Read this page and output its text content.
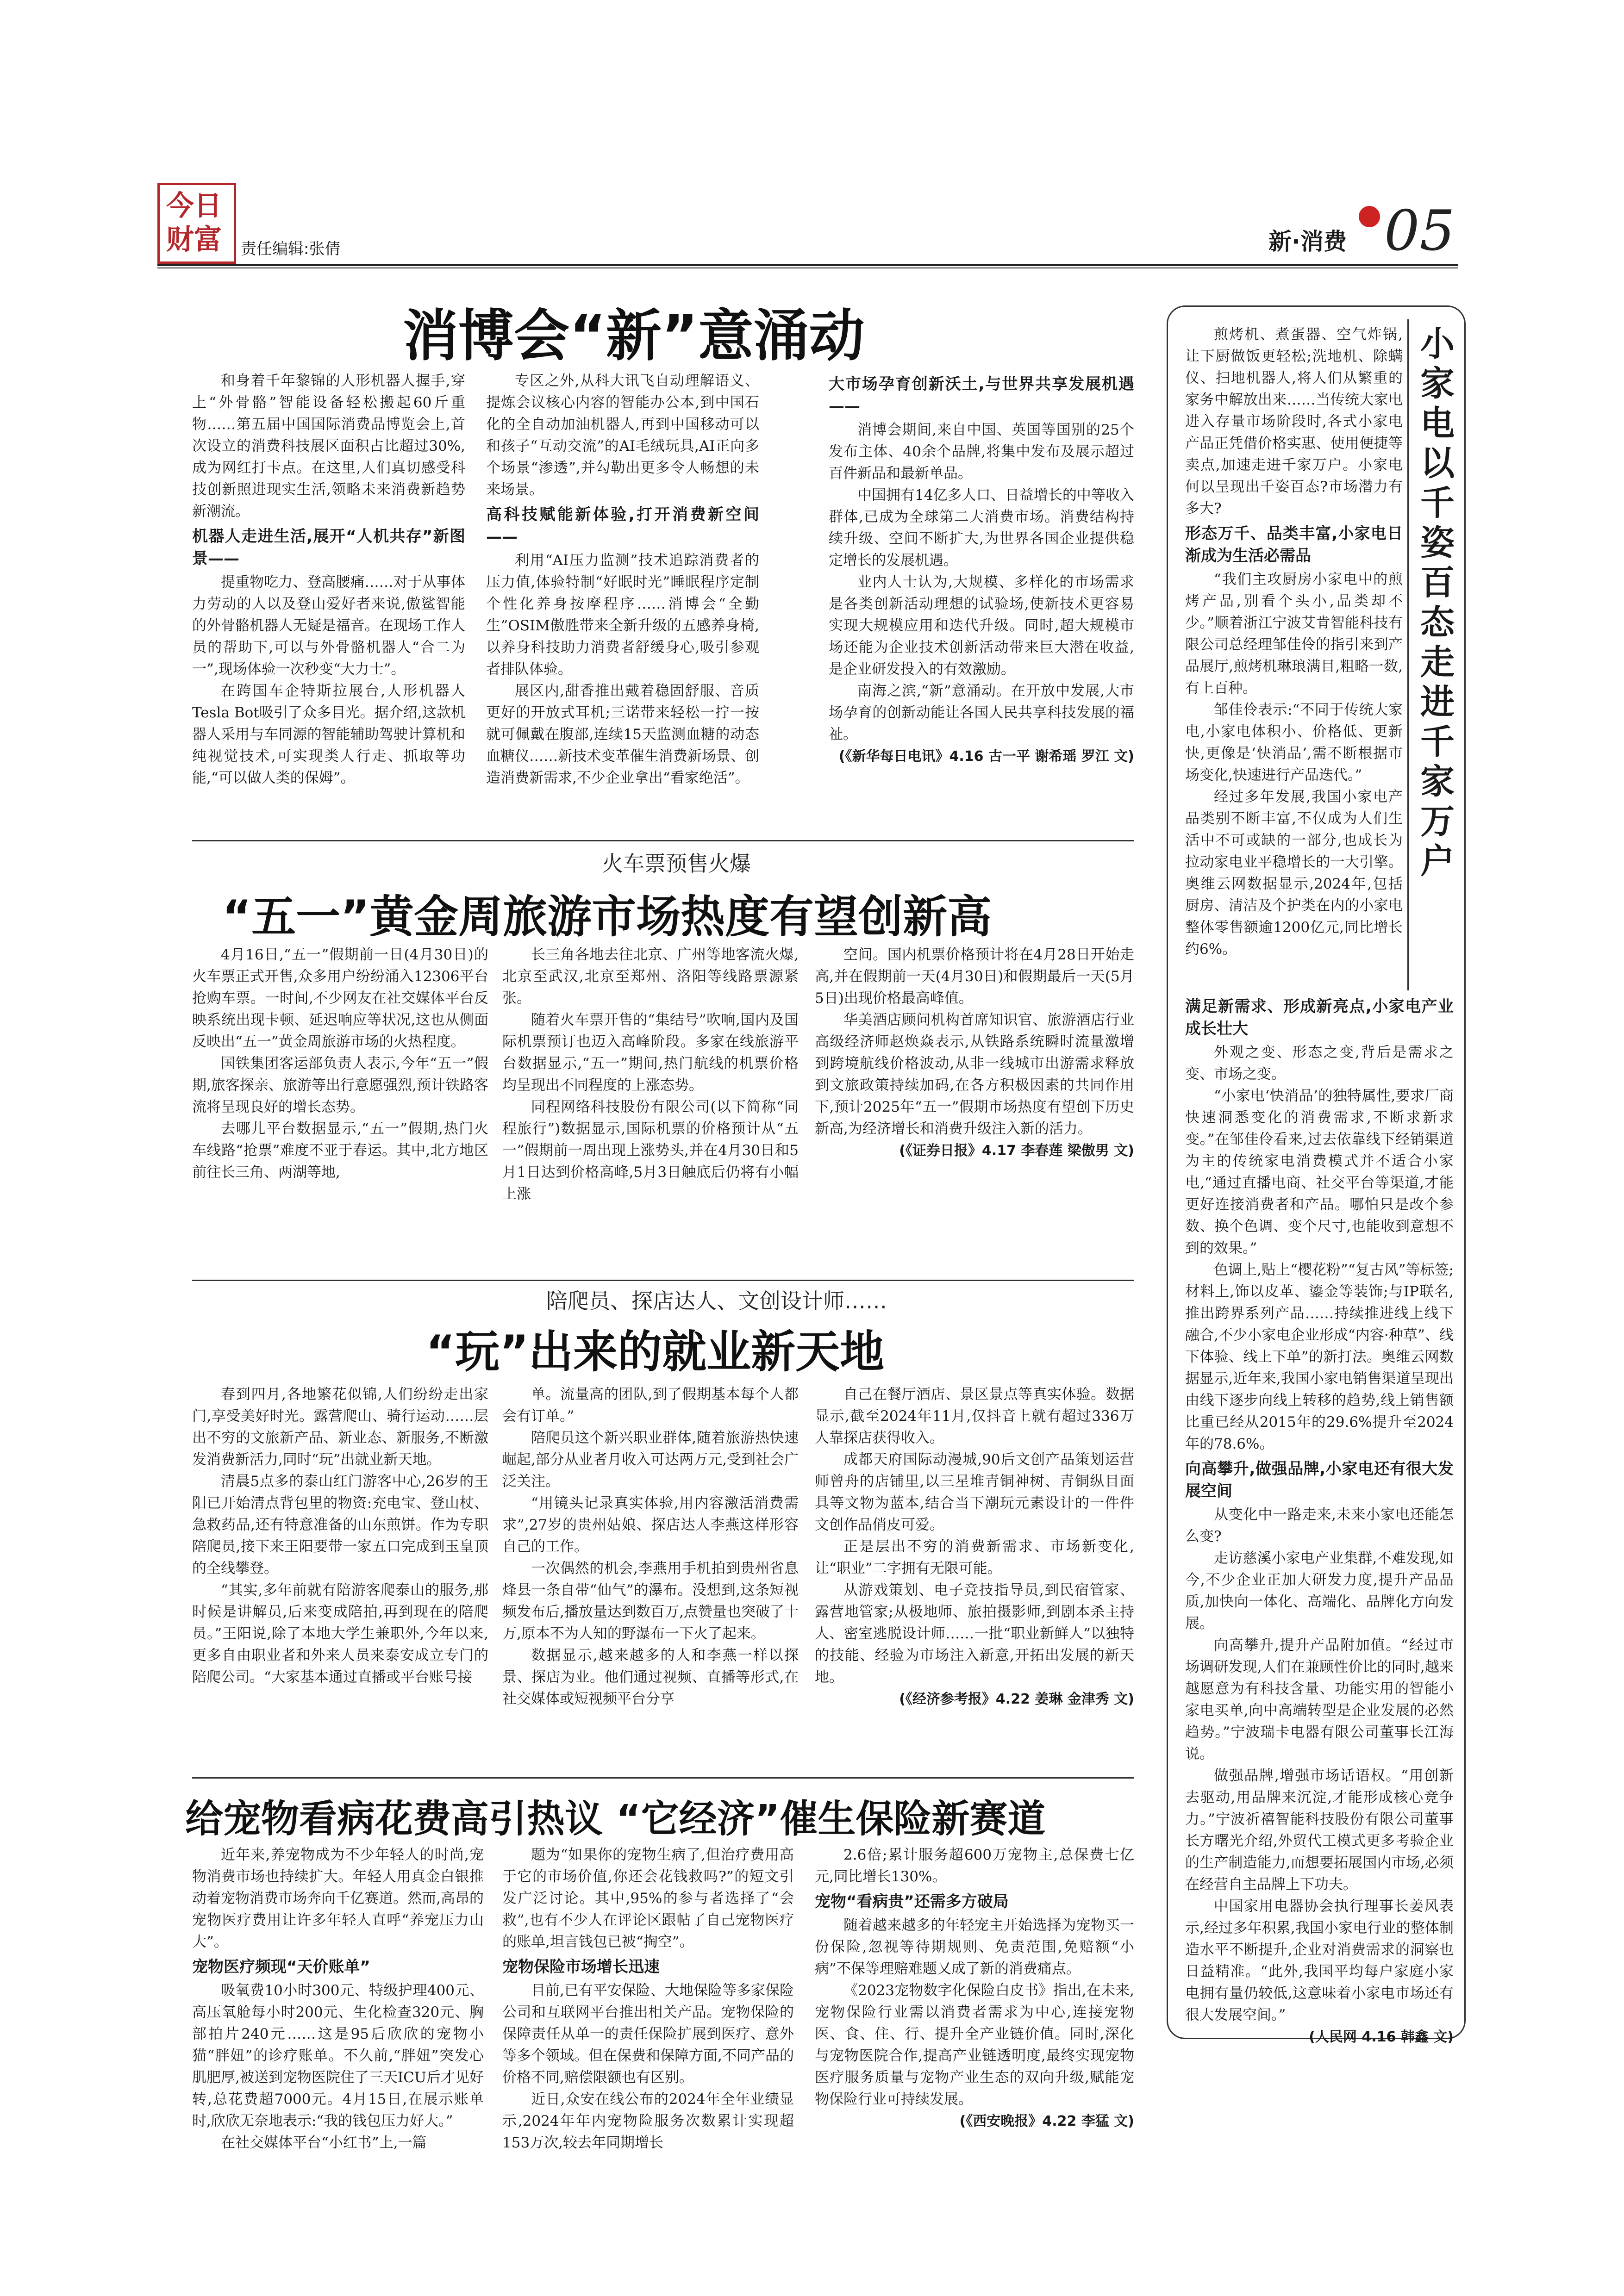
今日
财富 责任编辑:张倩	新·消费 05
消博会“新”意涌动

和身着千年黎锦的人形机器人握手,穿上“外骨骼”智能设备轻松搬起60斤重物……第五届中国国际消费品博览会上,首次设立的消费科技展区面积占比超过30%,成为网红打卡点。在这里,人们真切感受科技创新照进现实生活,领略未来消费新趋势新潮流。

机器人走进生活,展开“人机共存”新图景——

提重物吃力、登高腰痛……对于从事体力劳动的人以及登山爱好者来说,傲鲨智能的外骨骼机器人无疑是福音。在现场工作人员的帮助下,可以与外骨骼机器人“合二为一”,现场体验一次秒变“大力士”。

在跨国车企特斯拉展台,人形机器人Tesla Bot吸引了众多目光。据介绍,这款机器人采用与车同源的智能辅助驾驶计算机和纯视觉技术,可实现类人行走、抓取等功能,“可以做人类的保姆”。

专区之外,从科大讯飞自动理解语义、提炼会议核心内容的智能办公本,到中国石化的全自动加油机器人,再到中国移动可以和孩子“互动交流”的AI毛绒玩具,AI正向多个场景“渗透”,并勾勒出更多令人畅想的未来场景。

高科技赋能新体验,打开消费新空间——

利用“AI压力监测”技术追踪消费者的压力值,体验特制“好眠时光”睡眠程序定制个性化养身按摩程序……消博会“全勤生”OSIM傲胜带来全新升级的五感养身椅,以养身科技助力消费者舒缓身心,吸引参观者排队体验。

展区内,甜香推出戴着稳固舒服、音质更好的开放式耳机;三诺带来轻松一拧一按就可佩戴在腹部,连续15天监测血糖的动态血糖仪……新技术变革催生消费新场景、创造消费新需求,不少企业拿出“看家绝活”。

大市场孕育创新沃土,与世界共享发展机遇——

消博会期间,来自中国、英国等国别的25个发布主体、40余个品牌,将集中发布及展示超过百件新品和最新单品。

中国拥有14亿多人口、日益增长的中等收入群体,已成为全球第二大消费市场。消费结构持续升级、空间不断扩大,为世界各国企业提供稳定增长的发展机遇。

业内人士认为,大规模、多样化的市场需求是各类创新活动理想的试验场,使新技术更容易实现大规模应用和迭代升级。同时,超大规模市场还能为企业技术创新活动带来巨大潜在收益,是企业研发投入的有效激励。

南海之滨,“新”意涌动。在开放中发展,大市场孕育的创新动能让各国人民共享科技发展的福祉。

(《新华每日电讯》4.16 古一平 谢希瑶 罗江 文)

火车票预售火爆
“五一”黄金周旅游市场热度有望创新高

4月16日,“五一”假期前一日(4月30日)的火车票正式开售,众多用户纷纷涌入12306平台抢购车票。一时间,不少网友在社交媒体平台反映系统出现卡顿、延迟响应等状况,这也从侧面反映出“五一”黄金周旅游市场的火热程度。

国铁集团客运部负责人表示,今年“五一”假期,旅客探亲、旅游等出行意愿强烈,预计铁路客流将呈现良好的增长态势。

去哪儿平台数据显示,“五一”假期,热门火车线路“抢票”难度不亚于春运。其中,北方地区前往长三角、两湖等地,

长三角各地去往北京、广州等地客流火爆,北京至武汉,北京至郑州、洛阳等线路票源紧张。

随着火车票开售的“集结号”吹响,国内及国际机票预订也迈入高峰阶段。多家在线旅游平台数据显示,“五一”期间,热门航线的机票价格均呈现出不同程度的上涨态势。

同程网络科技股份有限公司(以下简称“同程旅行”)数据显示,国际机票的价格预计从“五一”假期前一周出现上涨势头,并在4月30日和5月1日达到价格高峰,5月3日触底后仍将有小幅上涨

空间。国内机票价格预计将在4月28日开始走高,并在假期前一天(4月30日)和假期最后一天(5月5日)出现价格最高峰值。

华美酒店顾问机构首席知识官、旅游酒店行业高级经济师赵焕焱表示,从铁路系统瞬时流量激增到跨境航线价格波动,从非一线城市出游需求释放到文旅政策持续加码,在各方积极因素的共同作用下,预计2025年“五一”假期市场热度有望创下历史新高,为经济增长和消费升级注入新的活力。

(《证券日报》4.17 李春莲 梁傲男 文)

陪爬员、探店达人、文创设计师……
“玩”出来的就业新天地

春到四月,各地繁花似锦,人们纷纷走出家门,享受美好时光。露营爬山、骑行运动……层出不穷的文旅新产品、新业态、新服务,不断激发消费新活力,同时“玩”出就业新天地。

清晨5点多的泰山红门游客中心,26岁的王阳已开始清点背包里的物资:充电宝、登山杖、急救药品,还有特意准备的山东煎饼。作为专职陪爬员,接下来王阳要带一家五口完成到玉皇顶的全线攀登。

“其实,多年前就有陪游客爬泰山的服务,那时候是讲解员,后来变成陪拍,再到现在的陪爬员。”王阳说,除了本地大学生兼职外,今年以来,更多自由职业者和外来人员来泰安成立专门的陪爬公司。“大家基本通过直播或平台账号接

单。流量高的团队,到了假期基本每个人都会有订单。”

陪爬员这个新兴职业群体,随着旅游热快速崛起,部分从业者月收入可达两万元,受到社会广泛关注。

“用镜头记录真实体验,用内容激活消费需求”,27岁的贵州姑娘、探店达人李燕这样形容自己的工作。

一次偶然的机会,李燕用手机拍到贵州省息烽县一条自带“仙气”的瀑布。没想到,这条短视频发布后,播放量达到数百万,点赞量也突破了十万,原本不为人知的野瀑布一下火了起来。

数据显示,越来越多的人和李燕一样以探景、探店为业。他们通过视频、直播等形式,在社交媒体或短视频平台分享

自己在餐厅酒店、景区景点等真实体验。数据显示,截至2024年11月,仅抖音上就有超过336万人靠探店获得收入。

成都天府国际动漫城,90后文创产品策划运营师曾舟的店铺里,以三星堆青铜神树、青铜纵目面具等文物为蓝本,结合当下潮玩元素设计的一件件文创作品俏皮可爱。

正是层出不穷的消费新需求、市场新变化,让“职业”二字拥有无限可能。

从游戏策划、电子竞技指导员,到民宿管家、露营地管家;从极地师、旅拍摄影师,到剧本杀主持人、密室逃脱设计师……一批“职业新鲜人”以独特的技能、经验为市场注入新意,开拓出发展的新天地。

(《经济参考报》4.22 姜琳 金津秀 文)

给宠物看病花费高引热议 “它经济”催生保险新赛道

近年来,养宠物成为不少年轻人的时尚,宠物消费市场也持续扩大。年轻人用真金白银推动着宠物消费市场奔向千亿赛道。然而,高昂的宠物医疗费用让许多年轻人直呼“养宠压力山大”。

宠物医疗频现“天价账单”

吸氧费10小时300元、特级护理400元、高压氧舱每小时200元、生化检查320元、胸部拍片240元……这是95后欣欣的宠物小猫“胖妞”的诊疗账单。不久前,“胖妞”突发心肌肥厚,被送到宠物医院住了三天ICU后才见好转,总花费超7000元。4月15日,在展示账单时,欣欣无奈地表示:“我的钱包压力好大。”

在社交媒体平台“小红书”上,一篇

题为“如果你的宠物生病了,但治疗费用高于它的市场价值,你还会花钱救吗?”的短文引发广泛讨论。其中,95%的参与者选择了“会救”,也有不少人在评论区跟帖了自己宠物医疗的账单,坦言钱包已被“掏空”。

宠物保险市场增长迅速

目前,已有平安保险、大地保险等多家保险公司和互联网平台推出相关产品。宠物保险的保障责任从单一的责任保险扩展到医疗、意外等多个领域。但在保费和保障方面,不同产品的价格不同,赔偿限额也有区别。

近日,众安在线公布的2024年全年业绩显示,2024年年内宠物险服务次数累计实现超153万次,较去年同期增长

2.6倍;累计服务超600万宠物主,总保费七亿元,同比增长130%。

宠物“看病贵”还需多方破局

随着越来越多的年轻宠主开始选择为宠物买一份保险,忽视等待期规则、免责范围,免赔额“小病”不保等理赔难题又成了新的消费痛点。

《2023宠物数字化保险白皮书》指出,在未来,宠物保险行业需以消费者需求为中心,连接宠物医、食、住、行、提升全产业链价值。同时,深化与宠物医院合作,提高产业链透明度,最终实现宠物医疗服务质量与宠物产业生态的双向升级,赋能宠物保险行业可持续发展。

(《西安晚报》4.22 李猛 文)

小家电以千姿百态走进千家万户

煎烤机、煮蛋器、空气炸锅,让下厨做饭更轻松;洗地机、除螨仪、扫地机器人,将人们从繁重的家务中解放出来……当传统大家电进入存量市场阶段时,各式小家电产品正凭借价格实惠、使用便捷等卖点,加速走进千家万户。小家电何以呈现出千姿百态?市场潜力有多大?

形态万千、品类丰富,小家电日渐成为生活必需品

“我们主攻厨房小家电中的煎烤产品,别看个头小,品类却不少。”顺着浙江宁波艾肯智能科技有限公司总经理邹佳伶的指引来到产品展厅,煎烤机琳琅满目,粗略一数,有上百种。

邹佳伶表示:“不同于传统大家电,小家电体积小、价格低、更新快,更像是‘快消品’,需不断根据市场变化,快速进行产品迭代。”

经过多年发展,我国小家电产品类别不断丰富,不仅成为人们生活中不可或缺的一部分,也成长为拉动家电业平稳增长的一大引擎。奥维云网数据显示,2024年,包括厨房、清洁及个护类在内的小家电整体零售额逾1200亿元,同比增长约6%。

满足新需求、形成新亮点,小家电产业成长壮大

外观之变、形态之变,背后是需求之变、市场之变。

“小家电‘快消品’的独特属性,要求厂商快速洞悉变化的消费需求,不断求新求变。”在邹佳伶看来,过去依靠线下经销渠道为主的传统家电消费模式并不适合小家电,“通过直播电商、社交平台等渠道,才能更好连接消费者和产品。哪怕只是改个参数、换个色调、变个尺寸,也能收到意想不到的效果。”

色调上,贴上“樱花粉”“复古风”等标签;材料上,饰以皮革、鎏金等装饰;与IP联名,推出跨界系列产品……持续推进线上线下融合,不少小家电企业形成“内容·种草”、线下体验、线上下单”的新打法。奥维云网数据显示,近年来,我国小家电销售渠道呈现出由线下逐步向线上转移的趋势,线上销售额比重已经从2015年的29.6%提升至2024年的78.6%。

向高攀升,做强品牌,小家电还有很大发展空间

从变化中一路走来,未来小家电还能怎么变?

走访慈溪小家电产业集群,不难发现,如今,不少企业正加大研发力度,提升产品品质,加快向一体化、高端化、品牌化方向发展。

向高攀升,提升产品附加值。“经过市场调研发现,人们在兼顾性价比的同时,越来越愿意为有科技含量、功能实用的智能小家电买单,向中高端转型是企业发展的必然趋势。”宁波瑞卡电器有限公司董事长江海说。

做强品牌,增强市场话语权。“用创新去驱动,用品牌来沉淀,才能形成核心竞争力。”宁波祈禧智能科技股份有限公司董事长方曙光介绍,外贸代工模式更多考验企业的生产制造能力,而想要拓展国内市场,必须在经营自主品牌上下功夫。

中国家用电器协会执行理事长姜风表示,经过多年积累,我国小家电行业的整体制造水平不断提升,企业对消费需求的洞察也日益精准。“此外,我国平均每户家庭小家电拥有量仍较低,这意味着小家电市场还有很大发展空间。”

(人民网 4.16 韩鑫 文)
